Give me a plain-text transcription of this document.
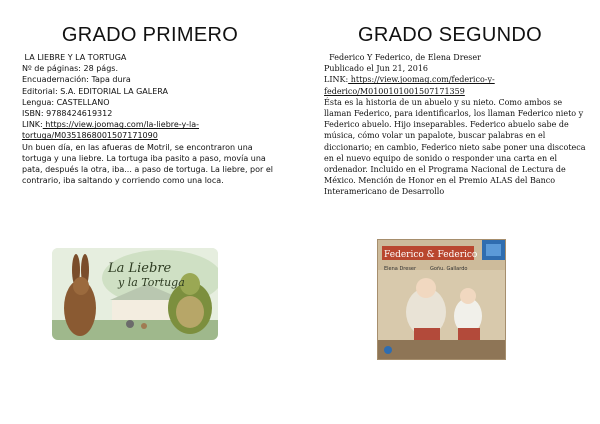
GRADO PRIMERO
LA LIEBRE Y LA TORTUGA
Nº de páginas: 28 págs.
Encuadernación: Tapa dura
Editorial: S.A. EDITORIAL LA GALERA
Lengua: CASTELLANO
ISBN: 9788424619312
LINK: https://view.joomag.com/la-liebre-y-la-tortuga/M0351868001507171090
Un buen día, en las afueras de Motril, se encontraron una tortuga y una liebre. La tortuga iba pasito a paso, movía una pata, después la otra, iba... a paso de tortuga. La liebre, por el contrario, iba saltando y corriendo como una loca.
La Liebre
y la Tortuga
GRADO SEGUNDO
Federico Y Federico, de Elena Dreser
Publicado el Jun 21, 2016
LINK: https://view.joomag.com/federico-y-federico/M0100101001507171359
Ésta es la historia de un abuelo y su nieto. Como ambos se llaman Federico, para identificarlos, los llaman Federico nieto y Federico abuelo. Hijo inseparables. Federico abuelo sabe de música, cómo volar un papalote, buscar palabras en el diccionario; en cambio, Federico nieto sabe poner una discoteca en el nuevo equipo de sonido o responder una carta en el ordenador. Incluido en el Programa Nacional de Lectura de México. Mención de Honor en el Premio ALAS del Banco Interamericano de Desarrollo
Federico & Federico
Elena Dreser	Goñu. Gallardo
